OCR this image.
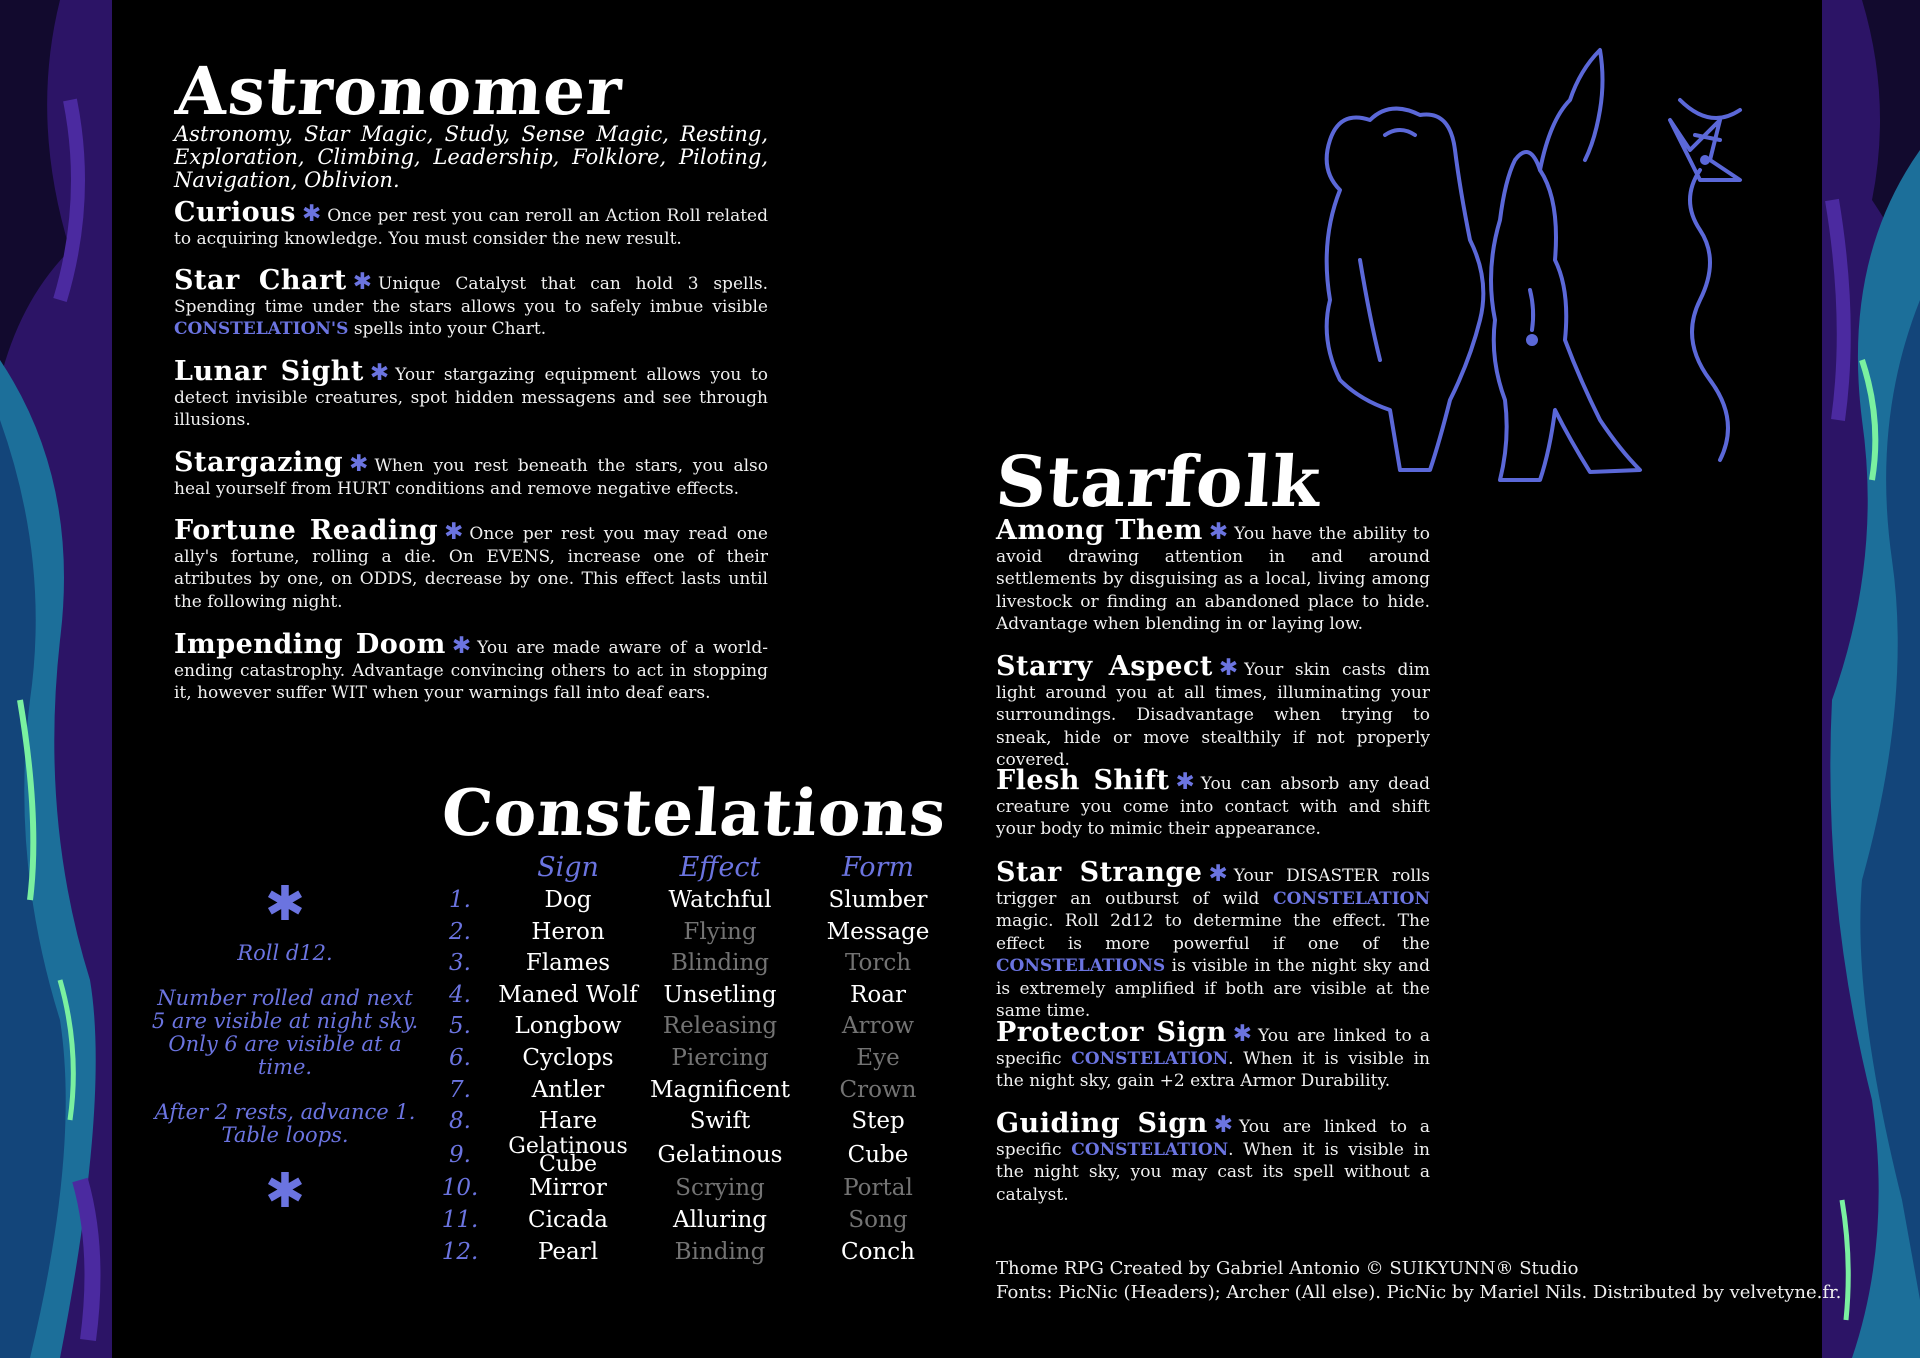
Astronomer
Astronomy, Star Magic, Study, Sense Magic, Resting, Exploration, Climbing, Leadership, Folklore, Piloting, Navigation, Oblivion.
Curious ✱ Once per rest you can reroll an Action Roll related to acquiring knowledge. You must consider the new result.
Star Chart ✱ Unique Catalyst that can hold 3 spells. Spending time under the stars allows you to safely imbue visible CONSTELATION'S spells into your Chart.
Lunar Sight ✱ Your stargazing equipment allows you to detect invisible creatures, spot hidden messagens and see through illusions.
Stargazing ✱ When you rest beneath the stars, you also heal yourself from HURT conditions and remove negative effects.
Fortune Reading ✱ Once per rest you may read one ally's fortune, rolling a die. On EVENS, increase one of their atributes by one, on ODDS, decrease by one. This effect lasts until the following night.
Impending Doom ✱ You are made aware of a world-ending catastrophy. Advantage convincing others to act in stopping it, however suffer WIT when your warnings fall into deaf ears.
Constelations
✱
Roll d12.
Number rolled and next 5 are visible at night sky. Only 6 are visible at a time.
After 2 rests, advance 1. Table loops.
✱
Sign	Effect	Form
1.	Dog	Watchful	Slumber
2.	Heron	Flying	Message
3.	Flames	Blinding	Torch
4.	Maned Wolf	Unsetling	Roar
5.	Longbow	Releasing	Arrow
6.	Cyclops	Piercing	Eye
7.	Antler	Magnificent	Crown
8.	Hare	Swift	Step
9.	Gelatinous Cube	Gelatinous	Cube
10.	Mirror	Scrying	Portal
11.	Cicada	Alluring	Song
12.	Pearl	Binding	Conch
Starfolk
Among Them ✱ You have the ability to avoid drawing attention in and around settlements by disguising as a local, living among livestock or finding an abandoned place to hide. Advantage when blending in or laying low.
Starry Aspect ✱ Your skin casts dim light around you at all times, illuminating your surroundings. Disadvantage when trying to sneak, hide or move stealthily if not properly covered.
Flesh Shift ✱ You can absorb any dead creature you come into contact with and shift your body to mimic their appearance.
Star Strange ✱ Your DISASTER rolls trigger an outburst of wild CONSTELATION magic. Roll 2d12 to determine the effect. The effect is more powerful if one of the CONSTELATIONS is visible in the night sky and is extremely amplified if both are visible at the same time.
Protector Sign ✱ You are linked to a specific CONSTELATION. When it is visible in the night sky, gain +2 extra Armor Durability.
Guiding Sign ✱ You are linked to a specific CONSTELATION. When it is visible in the night sky, you may cast its spell without a catalyst.
Thome RPG Created by Gabriel Antonio © SUIKYUNN® Studio
Fonts: PicNic (Headers); Archer (All else). PicNic by Mariel Nils. Distributed by velvetyne.fr.
